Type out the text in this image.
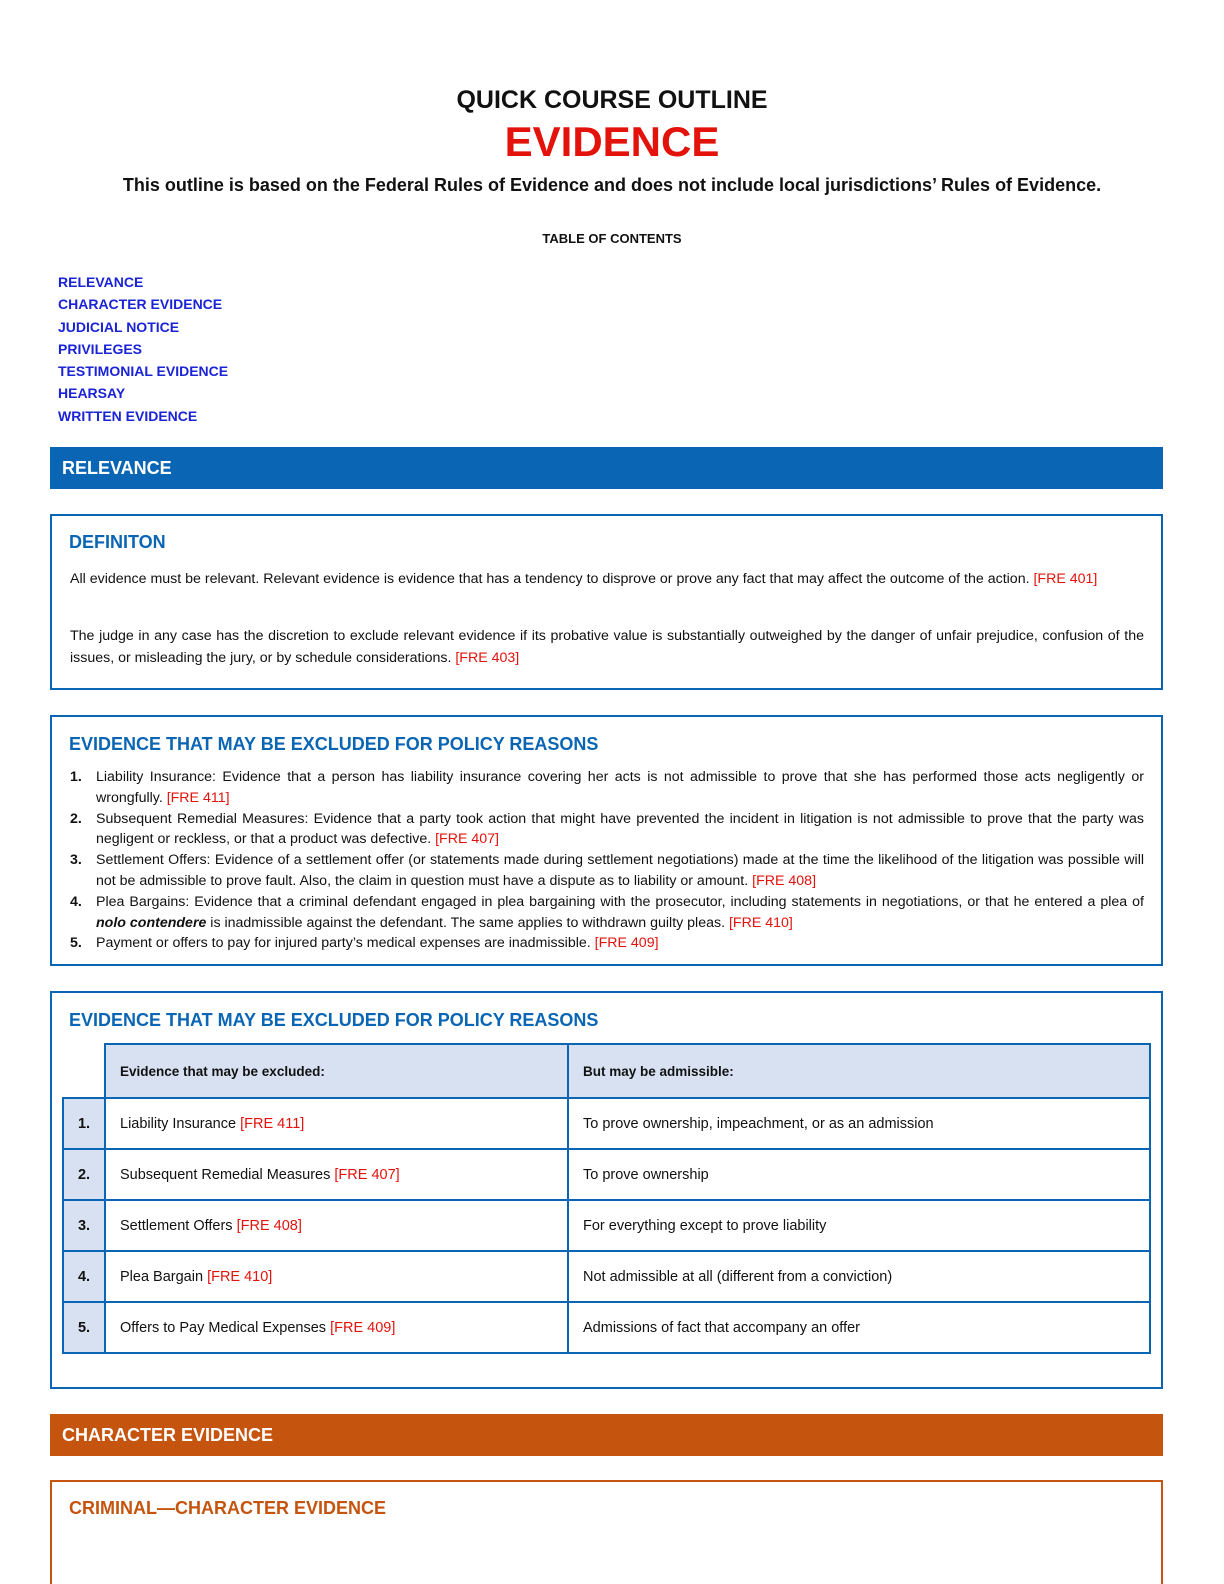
QUICK COURSE OUTLINE
EVIDENCE
This outline is based on the Federal Rules of Evidence and does not include local jurisdictions’ Rules of Evidence.
TABLE OF CONTENTS
RELEVANCE
CHARACTER EVIDENCE
JUDICIAL NOTICE
PRIVILEGES
TESTIMONIAL EVIDENCE
HEARSAY
WRITTEN EVIDENCE
RELEVANCE
DEFINITON
All evidence must be relevant. Relevant evidence is evidence that has a tendency to disprove or prove any fact that may affect the outcome of the action. [FRE 401]
The judge in any case has the discretion to exclude relevant evidence if its probative value is substantially outweighed by the danger of unfair prejudice, confusion of the issues, or misleading the jury, or by schedule considerations. [FRE 403]
EVIDENCE THAT MAY BE EXCLUDED FOR POLICY REASONS
1. Liability Insurance: Evidence that a person has liability insurance covering her acts is not admissible to prove that she has performed those acts negligently or wrongfully. [FRE 411]
2. Subsequent Remedial Measures: Evidence that a party took action that might have prevented the incident in litigation is not admissible to prove that the party was negligent or reckless, or that a product was defective. [FRE 407]
3. Settlement Offers: Evidence of a settlement offer (or statements made during settlement negotiations) made at the time the likelihood of the litigation was possible will not be admissible to prove fault. Also, the claim in question must have a dispute as to liability or amount. [FRE 408]
4. Plea Bargains: Evidence that a criminal defendant engaged in plea bargaining with the prosecutor, including statements in negotiations, or that he entered a plea of nolo contendere is inadmissible against the defendant. The same applies to withdrawn guilty pleas. [FRE 410]
5. Payment or offers to pay for injured party’s medical expenses are inadmissible. [FRE 409]
EVIDENCE THAT MAY BE EXCLUDED FOR POLICY REASONS
	Evidence that may be excluded:	But may be admissible:
1.	Liability Insurance [FRE 411]	To prove ownership, impeachment, or as an admission
2.	Subsequent Remedial Measures [FRE 407]	To prove ownership
3.	Settlement Offers [FRE 408]	For everything except to prove liability
4.	Plea Bargain [FRE 410]	Not admissible at all (different from a conviction)
5.	Offers to Pay Medical Expenses [FRE 409]	Admissions of fact that accompany an offer
CHARACTER EVIDENCE
CRIMINAL—CHARACTER EVIDENCE
